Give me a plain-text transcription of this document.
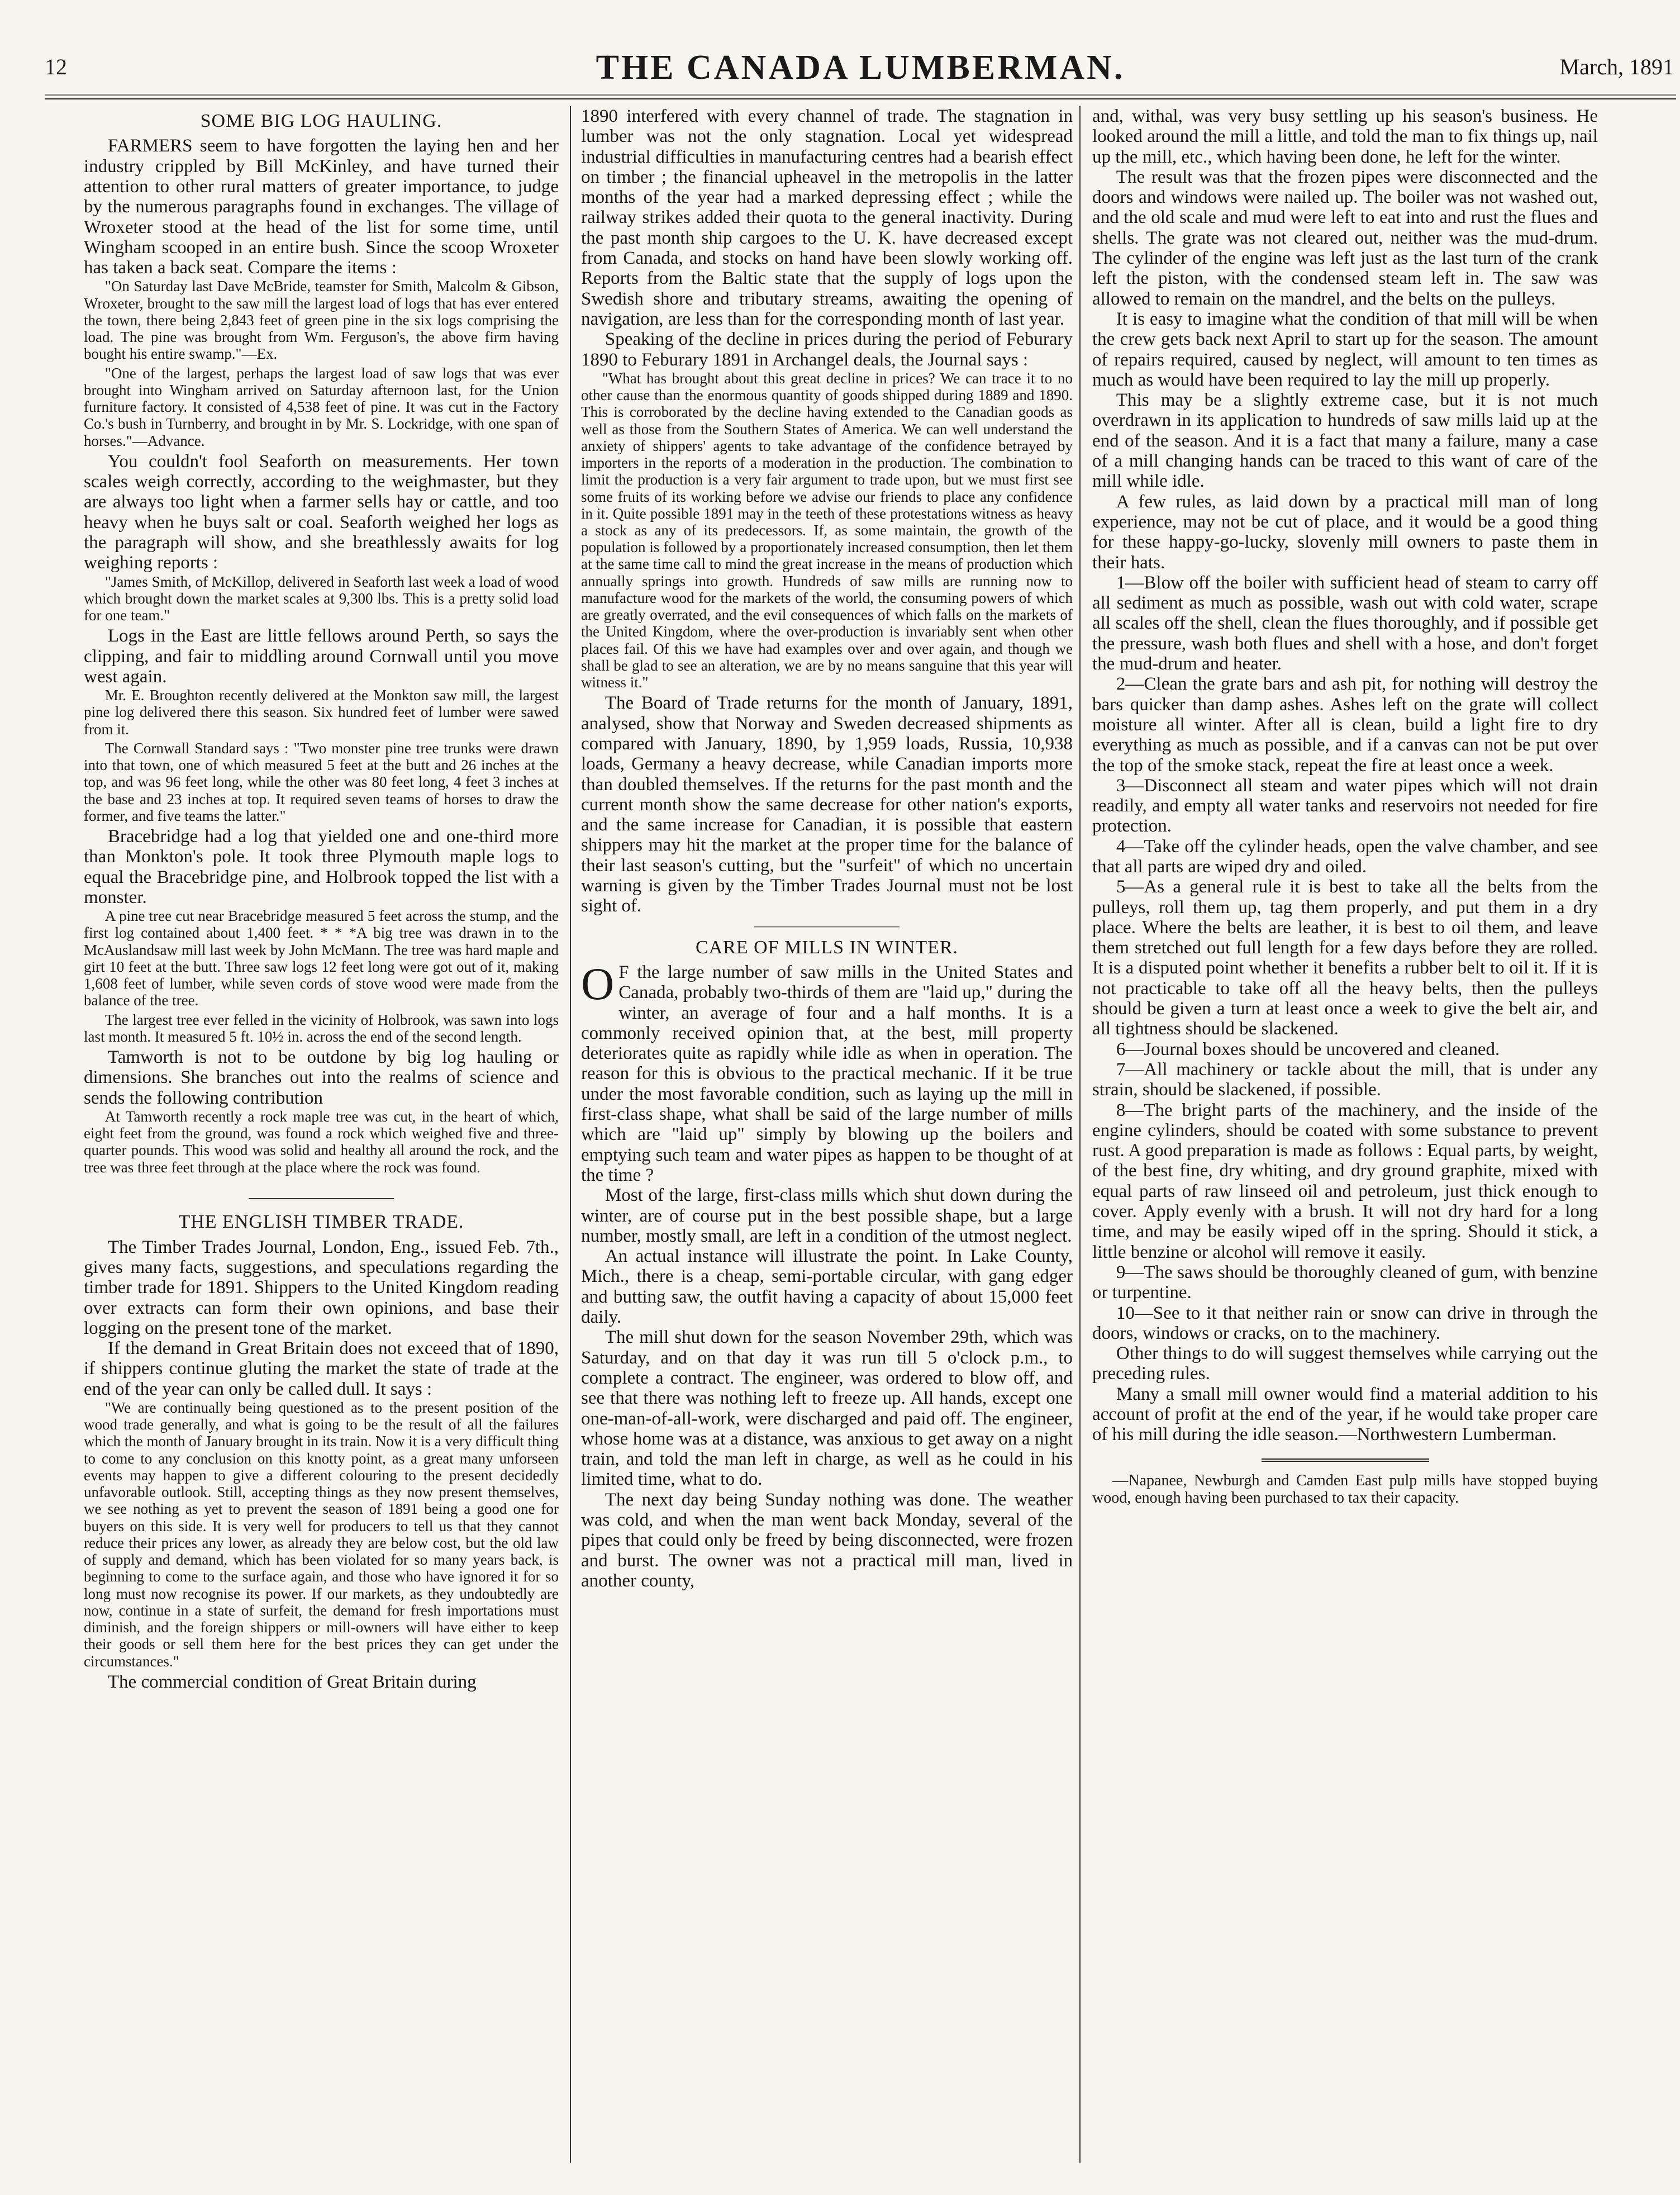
12	THE CANADA LUMBERMAN.	March, 1891
SOME BIG LOG HAULING.

FARMERS seem to have forgotten the laying hen and her industry crippled by Bill McKinley, and have turned their attention to other rural matters of greater importance, to judge by the numerous paragraphs found in exchanges. The village of Wroxeter stood at the head of the list for some time, until Wingham scooped in an entire bush. Since the scoop Wroxeter has taken a back seat. Compare the items :

"On Saturday last Dave McBride, teamster for Smith, Malcolm & Gibson, Wroxeter, brought to the saw mill the largest load of logs that has ever entered the town, there being 2,843 feet of green pine in the six logs comprising the load. The pine was brought from Wm. Ferguson's, the above firm having bought his entire swamp."—Ex.

"One of the largest, perhaps the largest load of saw logs that was ever brought into Wingham arrived on Saturday afternoon last, for the Union furniture factory. It consisted of 4,538 feet of pine. It was cut in the Factory Co.'s bush in Turnberry, and brought in by Mr. S. Lockridge, with one span of horses."—Advance.

You couldn't fool Seaforth on measurements. Her town scales weigh correctly, according to the weighmaster, but they are always too light when a farmer sells hay or cattle, and too heavy when he buys salt or coal. Seaforth weighed her logs as the paragraph will show, and she breathlessly awaits for log weighing reports :

"James Smith, of McKillop, delivered in Seaforth last week a load of wood which brought down the market scales at 9,300 lbs. This is a pretty solid load for one team."

Logs in the East are little fellows around Perth, so says the clipping, and fair to middling around Cornwall until you move west again.

Mr. E. Broughton recently delivered at the Monkton saw mill, the largest pine log delivered there this season. Six hundred feet of lumber were sawed from it.

The Cornwall Standard says : "Two monster pine tree trunks were drawn into that town, one of which measured 5 feet at the butt and 26 inches at the top, and was 96 feet long, while the other was 80 feet long, 4 feet 3 inches at the base and 23 inches at top. It required seven teams of horses to draw the former, and five teams the latter."

Bracebridge had a log that yielded one and one-third more than Monkton's pole. It took three Plymouth maple logs to equal the Bracebridge pine, and Holbrook topped the list with a monster.

A pine tree cut near Bracebridge measured 5 feet across the stump, and the first log contained about 1,400 feet. * * *A big tree was drawn in to the McAuslandsaw mill last week by John McMann. The tree was hard maple and girt 10 feet at the butt. Three saw logs 12 feet long were got out of it, making 1,608 feet of lumber, while seven cords of stove wood were made from the balance of the tree.

The largest tree ever felled in the vicinity of Holbrook, was sawn into logs last month. It measured 5 ft. 10½ in. across the end of the second length.

Tamworth is not to be outdone by big log hauling or dimensions. She branches out into the realms of science and sends the following contribution

At Tamworth recently a rock maple tree was cut, in the heart of which, eight feet from the ground, was found a rock which weighed five and three-quarter pounds. This wood was solid and healthy all around the rock, and the tree was three feet through at the place where the rock was found.

THE ENGLISH TIMBER TRADE.

The Timber Trades Journal, London, Eng., issued Feb. 7th., gives many facts, suggestions, and speculations regarding the timber trade for 1891. Shippers to the United Kingdom reading over extracts can form their own opinions, and base their logging on the present tone of the market.

If the demand in Great Britain does not exceed that of 1890, if shippers continue gluting the market the state of trade at the end of the year can only be called dull. It says :

"We are continually being questioned as to the present position of the wood trade generally, and what is going to be the result of all the failures which the month of January brought in its train. Now it is a very difficult thing to come to any conclusion on this knotty point, as a great many unforseen events may happen to give a different colouring to the present decidedly unfavorable outlook. Still, accepting things as they now present themselves, we see nothing as yet to prevent the season of 1891 being a good one for buyers on this side. It is very well for producers to tell us that they cannot reduce their prices any lower, as already they are below cost, but the old law of supply and demand, which has been violated for so many years back, is beginning to come to the surface again, and those who have ignored it for so long must now recognise its power. If our markets, as they undoubtedly are now, continue in a state of surfeit, the demand for fresh importations must diminish, and the foreign shippers or mill-owners will have either to keep their goods or sell them here for the best prices they can get under the circumstances."

The commercial condition of Great Britain during

1890 interfered with every channel of trade. The stagnation in lumber was not the only stagnation. Local yet widespread industrial difficulties in manufacturing centres had a bearish effect on timber ; the financial upheavel in the metropolis in the latter months of the year had a marked depressing effect ; while the railway strikes added their quota to the general inactivity. During the past month ship cargoes to the U. K. have decreased except from Canada, and stocks on hand have been slowly working off. Reports from the Baltic state that the supply of logs upon the Swedish shore and tributary streams, awaiting the opening of navigation, are less than for the corresponding month of last year.

Speaking of the decline in prices during the period of Feburary 1890 to Feburary 1891 in Archangel deals, the Journal says :

"What has brought about this great decline in prices? We can trace it to no other cause than the enormous quantity of goods shipped during 1889 and 1890. This is corroborated by the decline having extended to the Canadian goods as well as those from the Southern States of America. We can well understand the anxiety of shippers' agents to take advantage of the confidence betrayed by importers in the reports of a moderation in the production. The combination to limit the production is a very fair argument to trade upon, but we must first see some fruits of its working before we advise our friends to place any confidence in it. Quite possible 1891 may in the teeth of these protestations witness as heavy a stock as any of its predecessors. If, as some maintain, the growth of the population is followed by a proportionately increased consumption, then let them at the same time call to mind the great increase in the means of production which annually springs into growth. Hundreds of saw mills are running now to manufacture wood for the markets of the world, the consuming powers of which are greatly overrated, and the evil consequences of which falls on the markets of the United Kingdom, where the over-production is invariably sent when other places fail. Of this we have had examples over and over again, and though we shall be glad to see an alteration, we are by no means sanguine that this year will witness it."

The Board of Trade returns for the month of January, 1891, analysed, show that Norway and Sweden decreased shipments as compared with January, 1890, by 1,959 loads, Russia, 10,938 loads, Germany a heavy decrease, while Canadian imports more than doubled themselves. If the returns for the past month and the current month show the same decrease for other nation's exports, and the same increase for Canadian, it is possible that eastern shippers may hit the market at the proper time for the balance of their last season's cutting, but the "surfeit" of which no uncertain warning is given by the Timber Trades Journal must not be lost sight of.

CARE OF MILLS IN WINTER.

O F the large number of saw mills in the United States and Canada, probably two-thirds of them are "laid up," during the winter, an average of four and a half months. It is a commonly received opinion that, at the best, mill property deteriorates quite as rapidly while idle as when in operation. The reason for this is obvious to the practical mechanic. If it be true under the most favorable condition, such as laying up the mill in first-class shape, what shall be said of the large number of mills which are "laid up" simply by blowing up the boilers and emptying such team and water pipes as happen to be thought of at the time ?

Most of the large, first-class mills which shut down during the winter, are of course put in the best possible shape, but a large number, mostly small, are left in a condition of the utmost neglect.

An actual instance will illustrate the point. In Lake County, Mich., there is a cheap, semi-portable circular, with gang edger and butting saw, the outfit having a capacity of about 15,000 feet daily.

The mill shut down for the season November 29th, which was Saturday, and on that day it was run till 5 o'clock p.m., to complete a contract. The engineer, was ordered to blow off, and see that there was nothing left to freeze up. All hands, except one one-man-of-all-work, were discharged and paid off. The engineer, whose home was at a distance, was anxious to get away on a night train, and told the man left in charge, as well as he could in his limited time, what to do.

The next day being Sunday nothing was done. The weather was cold, and when the man went back Monday, several of the pipes that could only be freed by being disconnected, were frozen and burst. The owner was not a practical mill man, lived in another county,

and, withal, was very busy settling up his season's business. He looked around the mill a little, and told the man to fix things up, nail up the mill, etc., which having been done, he left for the winter.

The result was that the frozen pipes were disconnected and the doors and windows were nailed up. The boiler was not washed out, and the old scale and mud were left to eat into and rust the flues and shells. The grate was not cleared out, neither was the mud-drum. The cylinder of the engine was left just as the last turn of the crank left the piston, with the condensed steam left in. The saw was allowed to remain on the mandrel, and the belts on the pulleys.

It is easy to imagine what the condition of that mill will be when the crew gets back next April to start up for the season. The amount of repairs required, caused by neglect, will amount to ten times as much as would have been required to lay the mill up properly.

This may be a slightly extreme case, but it is not much overdrawn in its application to hundreds of saw mills laid up at the end of the season. And it is a fact that many a failure, many a case of a mill changing hands can be traced to this want of care of the mill while idle.

A few rules, as laid down by a practical mill man of long experience, may not be cut of place, and it would be a good thing for these happy-go-lucky, slovenly mill owners to paste them in their hats.

1—Blow off the boiler with sufficient head of steam to carry off all sediment as much as possible, wash out with cold water, scrape all scales off the shell, clean the flues thoroughly, and if possible get the pressure, wash both flues and shell with a hose, and don't forget the mud-drum and heater.

2—Clean the grate bars and ash pit, for nothing will destroy the bars quicker than damp ashes. Ashes left on the grate will collect moisture all winter. After all is clean, build a light fire to dry everything as much as possible, and if a canvas can not be put over the top of the smoke stack, repeat the fire at least once a week.

3—Disconnect all steam and water pipes which will not drain readily, and empty all water tanks and reservoirs not needed for fire protection.

4—Take off the cylinder heads, open the valve chamber, and see that all parts are wiped dry and oiled.

5—As a general rule it is best to take all the belts from the pulleys, roll them up, tag them properly, and put them in a dry place. Where the belts are leather, it is best to oil them, and leave them stretched out full length for a few days before they are rolled. It is a disputed point whether it benefits a rubber belt to oil it. If it is not practicable to take off all the heavy belts, then the pulleys should be given a turn at least once a week to give the belt air, and all tightness should be slackened.

6—Journal boxes should be uncovered and cleaned.

7—All machinery or tackle about the mill, that is under any strain, should be slackened, if possible.

8—The bright parts of the machinery, and the inside of the engine cylinders, should be coated with some substance to prevent rust. A good preparation is made as follows : Equal parts, by weight, of the best fine, dry whiting, and dry ground graphite, mixed with equal parts of raw linseed oil and petroleum, just thick enough to cover. Apply evenly with a brush. It will not dry hard for a long time, and may be easily wiped off in the spring. Should it stick, a little benzine or alcohol will remove it easily.

9—The saws should be thoroughly cleaned of gum, with benzine or turpentine.

10—See to it that neither rain or snow can drive in through the doors, windows or cracks, on to the machinery.

Other things to do will suggest themselves while carrying out the preceding rules.

Many a small mill owner would find a material addition to his account of profit at the end of the year, if he would take proper care of his mill during the idle season.—Northwestern Lumberman.

—Napanee, Newburgh and Camden East pulp mills have stopped buying wood, enough having been purchased to tax their capacity.
